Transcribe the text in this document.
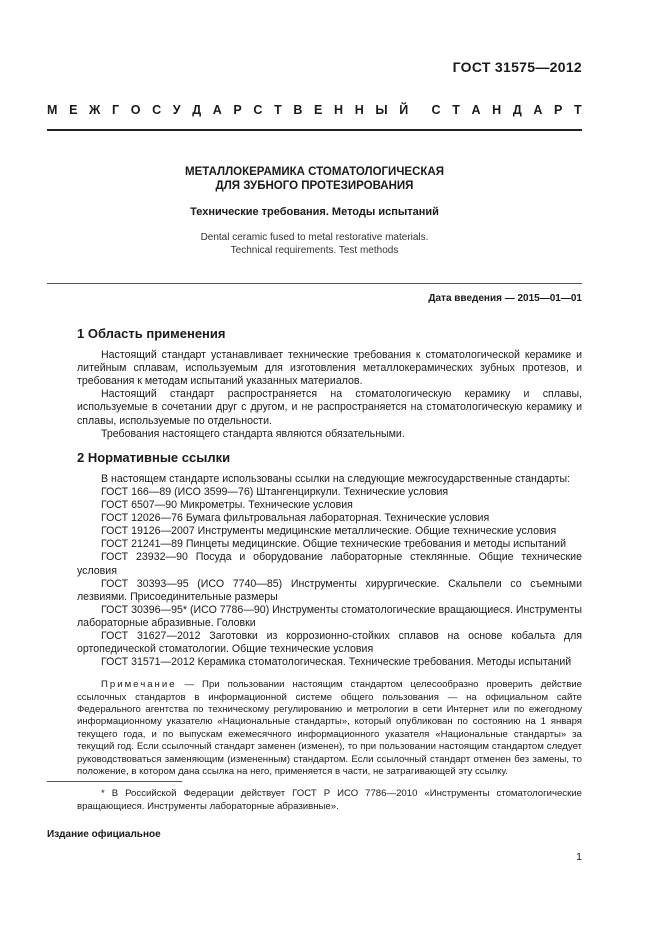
ГОСТ 31575—2012
М Е Ж Г О С У Д А Р С Т В Е Н Н Ы Й С Т А Н Д А Р Т
МЕТАЛЛОКЕРАМИКА СТОМАТОЛОГИЧЕСКАЯ
ДЛЯ ЗУБНОГО ПРОТЕЗИРОВАНИЯ
Технические требования. Методы испытаний
Dental ceramic fused to metal restorative materials.
Technical requirements. Test methods
Дата введения — 2015—01—01
1 Область применения

Настоящий стандарт устанавливает технические требования к стоматологической керамике и литейным сплавам, используемым для изготовления металлокерамических зубных протезов, и требования к методам испытаний указанных материалов.

Настоящий стандарт распространяется на стоматологическую керамику и сплавы, используемые в сочетании друг с другом, и не распространяется на стоматологическую керамику и сплавы, используемые по отдельности.

Требования настоящего стандарта являются обязательными.

2 Нормативные ссылки

В настоящем стандарте использованы ссылки на следующие межгосударственные стандарты:

ГОСТ 166—89 (ИСО 3599—76) Штангенциркули. Технические условия

ГОСТ 6507—90 Микрометры. Технические условия

ГОСТ 12026—76 Бумага фильтровальная лабораторная. Технические условия

ГОСТ 19126—2007 Инструменты медицинские металлические. Общие технические условия

ГОСТ 21241—89 Пинцеты медицинские. Общие технические требования и методы испытаний

ГОСТ 23932—90 Посуда и оборудование лабораторные стеклянные. Общие технические условия

ГОСТ 30393—95 (ИСО 7740—85) Инструменты хирургические. Скальпели со съемными лезвиями. Присоединительные размеры

ГОСТ 30396—95* (ИСО 7786—90) Инструменты стоматологические вращающиеся. Инструменты лабораторные абразивные. Головки

ГОСТ 31627—2012 Заготовки из коррозионно-стойких сплавов на основе кобальта для ортопедической стоматологии. Общие технические условия

ГОСТ 31571—2012 Керамика стоматологическая. Технические требования. Методы испытаний

Примечание — При пользовании настоящим стандартом целесообразно проверить действие ссылочных стандартов в информационной системе общего пользования — на официальном сайте Федерального агентства по техническому регулированию и метрологии в сети Интернет или по ежегодному информационному указателю «Национальные стандарты», который опубликован по состоянию на 1 января текущего года, и по выпускам ежемесячного информационного указателя «Национальные стандарты» за текущий год. Если ссылочный стандарт заменен (изменен), то при пользовании настоящим стандартом следует руководствоваться заменяющим (измененным) стандартом. Если ссылочный стандарт отменен без замены, то положение, в котором дана ссылка на него, применяется в части, не затрагивающей эту ссылку.

* В Российской Федерации действует ГОСТ Р ИСО 7786—2010 «Инструменты стоматологические вращающиеся. Инструменты лабораторные абразивные».

Издание официальное
1
